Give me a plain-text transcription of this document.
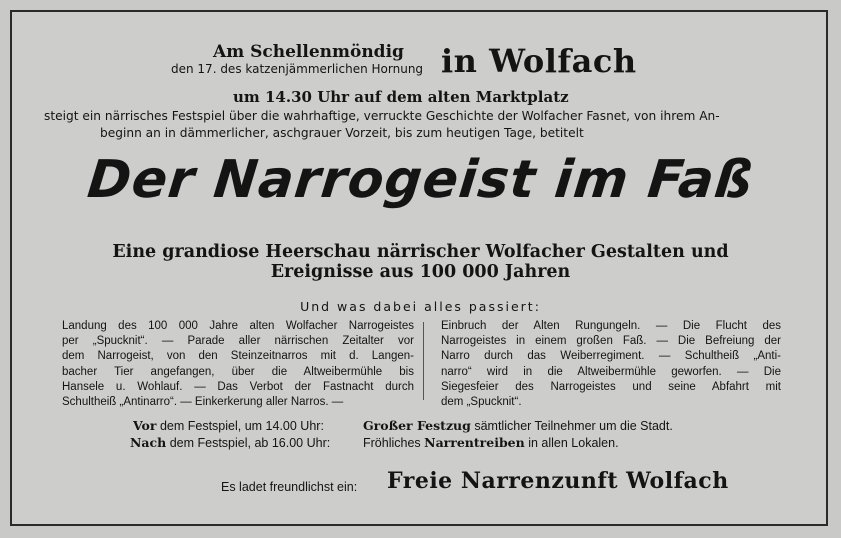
Am Schellenmöndig
den 17. des katzenjämmerlichen Hornung in Wolfach
um 14.30 Uhr auf dem alten Marktplatz
steigt ein närrisches Festspiel über die wahrhaftige, verruckte Geschichte der Wolfacher Fasnet, von ihrem An-
beginn an in dämmerlicher, aschgrauer Vorzeit, bis zum heutigen Tage, betitelt
Der Narrogeist im Faß
Eine grandiose Heerschau närrischer Wolfacher Gestalten und
Ereignisse aus 100 000 Jahren
Und was dabei alles passiert:
Landung des 100 000 Jahre alten Wolfacher Narrogeistes
per „Spucknit“. — Parade aller närrischen Zeitalter vor
dem Narrogeist, von den Steinzeitnarros mit d. Langen-
bacher Tier angefangen, über die Altweibermühle bis
Hansele u. Wohlauf. — Das Verbot der Fastnacht durch
Schultheiß „Antinarro“. — Einkerkerung aller Narros. —
Einbruch der Alten Rungungeln. — Die Flucht des
Narrogeistes in einem großen Faß. — Die Befreiung der
Narro durch das Weiberregiment. — Schultheiß „Anti-
narro“ wird in die Altweibermühle geworfen. — Die
Siegesfeier des Narrogeistes und seine Abfahrt mit
dem „Spucknit“.
Vor dem Festspiel, um 14.00 Uhr:	Großer Festzug sämtlicher Teilnehmer um die Stadt.
Nach dem Festspiel, ab 16.00 Uhr:	Fröhliches Narrentreiben in allen Lokalen.
Es ladet freundlichst ein: Freie Narrenzunft Wolfach
